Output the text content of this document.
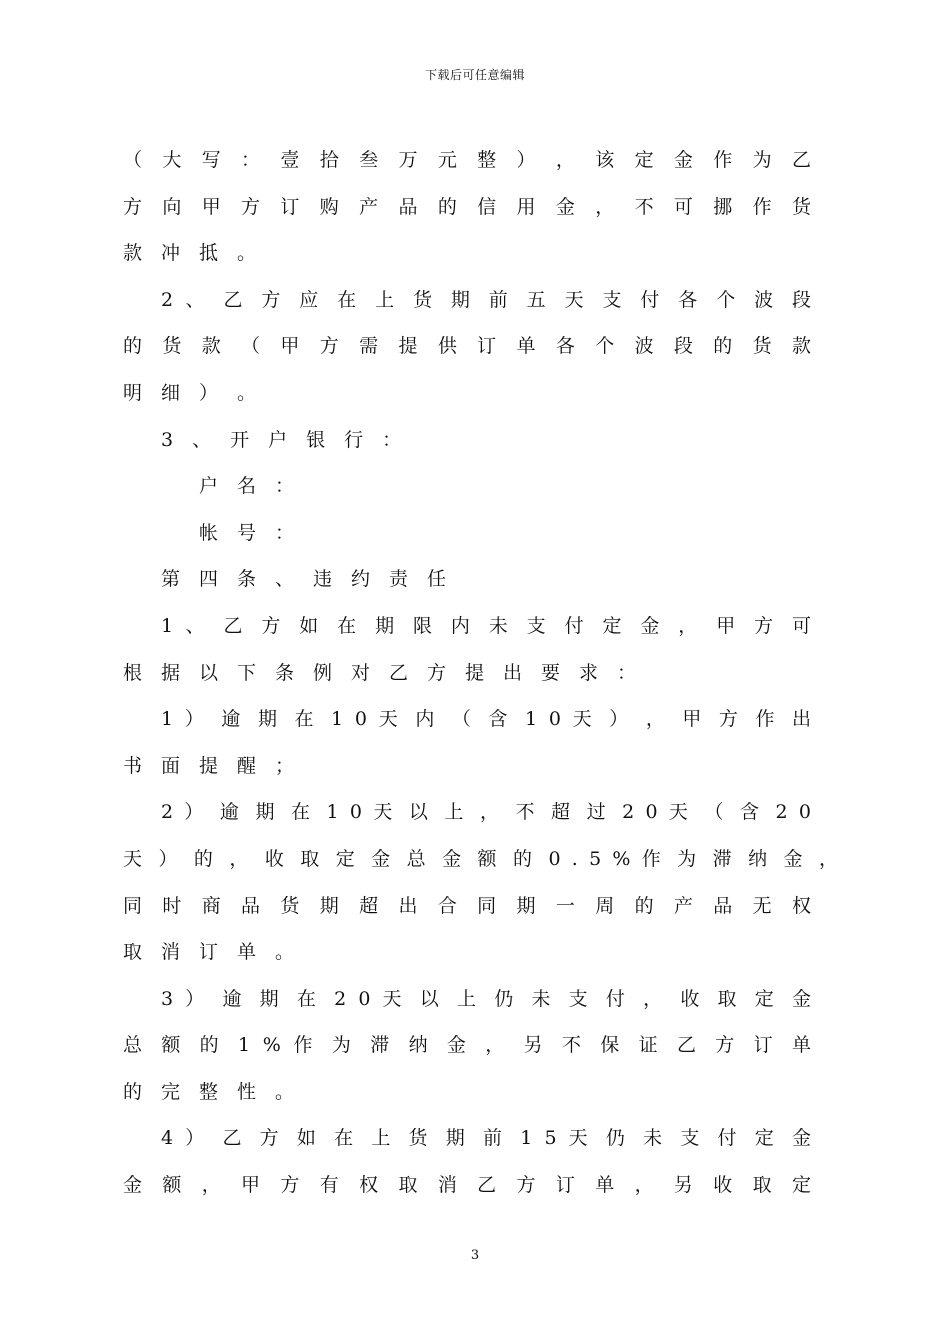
下载后可任意编辑
（ 大 写 ： 壹 拾 叁 万 元 整 ） ， 该 定 金 作 为 乙
方 向 甲 方 订 购 产 品 的 信 用 金 ， 不 可 挪 作 货
款​冲​抵​。
2 、 乙 方 应 在 上 货 期 前 五 天 支 付 各 个 波 段
的 货 款 （ 甲 方 需 提 供 订 单 各 个 波 段 的 货 款
明​细​）​。
3、​开​户​银​行​：
户​名​：
帐​号​：
第​四​条​、​违​约​责​任
1 、 乙 方 如 在 期 限 内 未 支 付 定 金 ， 甲 方 可
根​据​以​下​条​例​对​乙​方​提​出​要​求​：
1 ） 逾 期 在 1 0 天 内 （ 含 1 0 天 ） ， 甲 方 作 出
书​面​提​醒​；
2 ） 逾 期 在 1 0 天 以 上 ， 不 超 过 2 0 天 （ 含 2 0
天 ） 的 ， 收 取 定 金 总 金 额 的 0 . 5 % 作 为 滞 纳 金 ，
同 时 商 品 货 期 超 出 合 同 期 一 周 的 产 品 无 权
取​消​订​单​。
3 ） 逾 期 在 2 0 天 以 上 仍 未 支 付 ， 收 取 定 金
总 额 的 1 % 作 为 滞 纳 金 ， 另 不 保 证 乙 方 订 单
的​完​整​性​。
4 ） 乙 方 如 在 上 货 期 前 1 5 天 仍 未 支 付 定 金
金 额 ， 甲 方 有 权 取 消 乙 方 订 单 ， 另 收 取 定
3
